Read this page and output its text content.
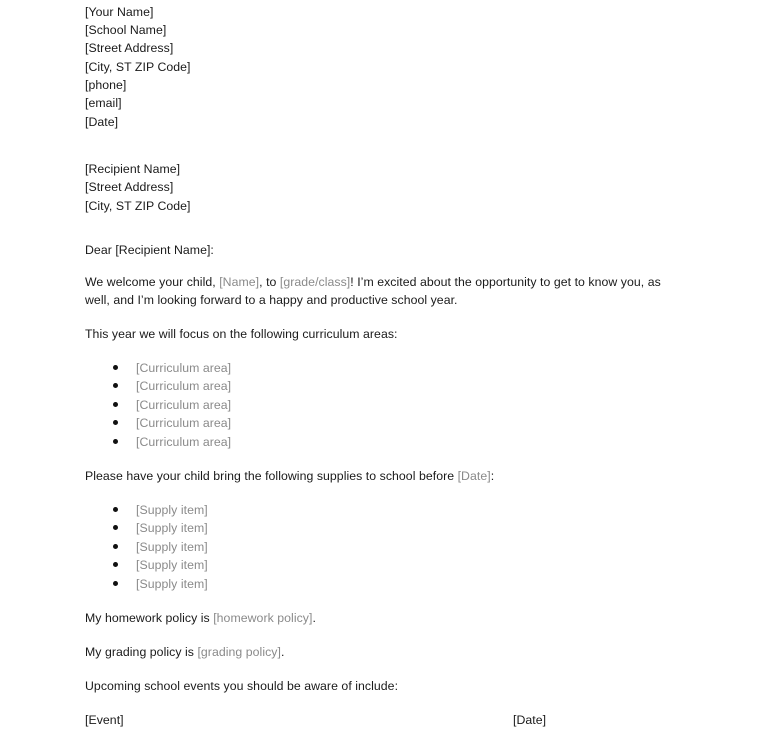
[Your Name]
[School Name]
[Street Address]
[City, ST ZIP Code]
[phone]
[email]
[Date]
[Recipient Name]
[Street Address]
[City, ST ZIP Code]
Dear [Recipient Name]:
We welcome your child, [Name], to [grade/class]! I’m excited about the opportunity to get to know you, as
well, and I’m looking forward to a happy and productive school year.
This year we will focus on the following curriculum areas:
[Curriculum area]
[Curriculum area]
[Curriculum area]
[Curriculum area]
[Curriculum area]
Please have your child bring the following supplies to school before [Date]:
[Supply item]
[Supply item]
[Supply item]
[Supply item]
[Supply item]
My homework policy is [homework policy].
My grading policy is [grading policy].
Upcoming school events you should be aware of include:
[Event]	[Date]
